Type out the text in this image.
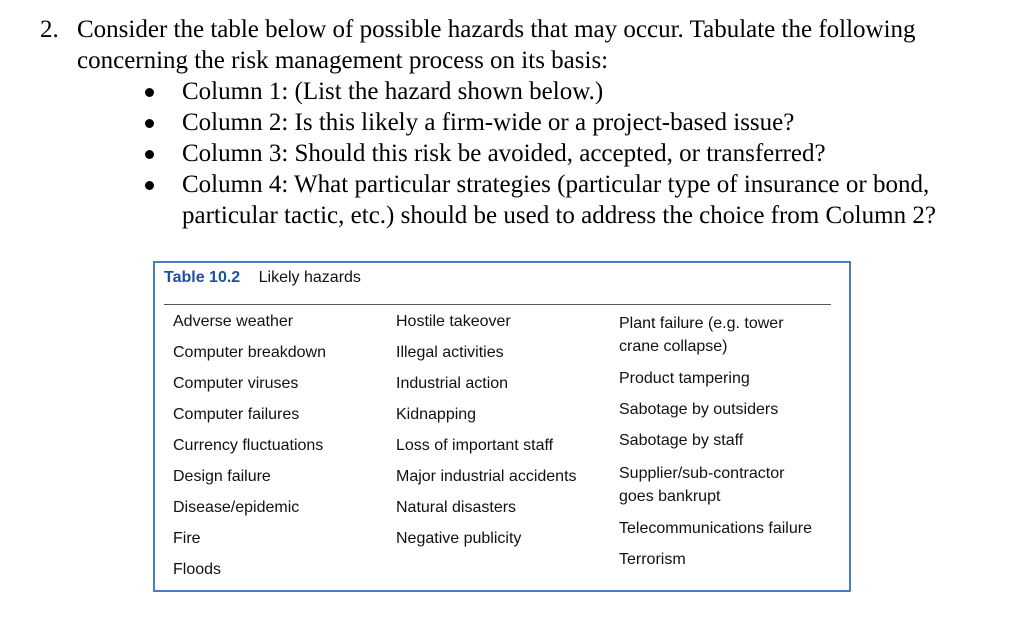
2. Consider the table below of possible hazards that may occur. Tabulate the following
concerning the risk management process on its basis:
Column 1: (List the hazard shown below.)
Column 2: Is this likely a firm-wide or a project-based issue?
Column 3: Should this risk be avoided, accepted, or transferred?
Column 4: What particular strategies (particular type of insurance or bond,
particular tactic, etc.) should be used to address the choice from Column 2?
Table 10.2 Likely hazards
Adverse weather
Computer breakdown
Computer viruses
Computer failures
Currency fluctuations
Design failure
Disease/epidemic
Fire
Floods
Hostile takeover
Illegal activities
Industrial action
Kidnapping
Loss of important staff
Major industrial accidents
Natural disasters
Negative publicity
Plant failure (e.g. tower crane collapse)
Product tampering
Sabotage by outsiders
Sabotage by staff
Supplier/sub-contractor goes bankrupt
Telecommunications failure
Terrorism
